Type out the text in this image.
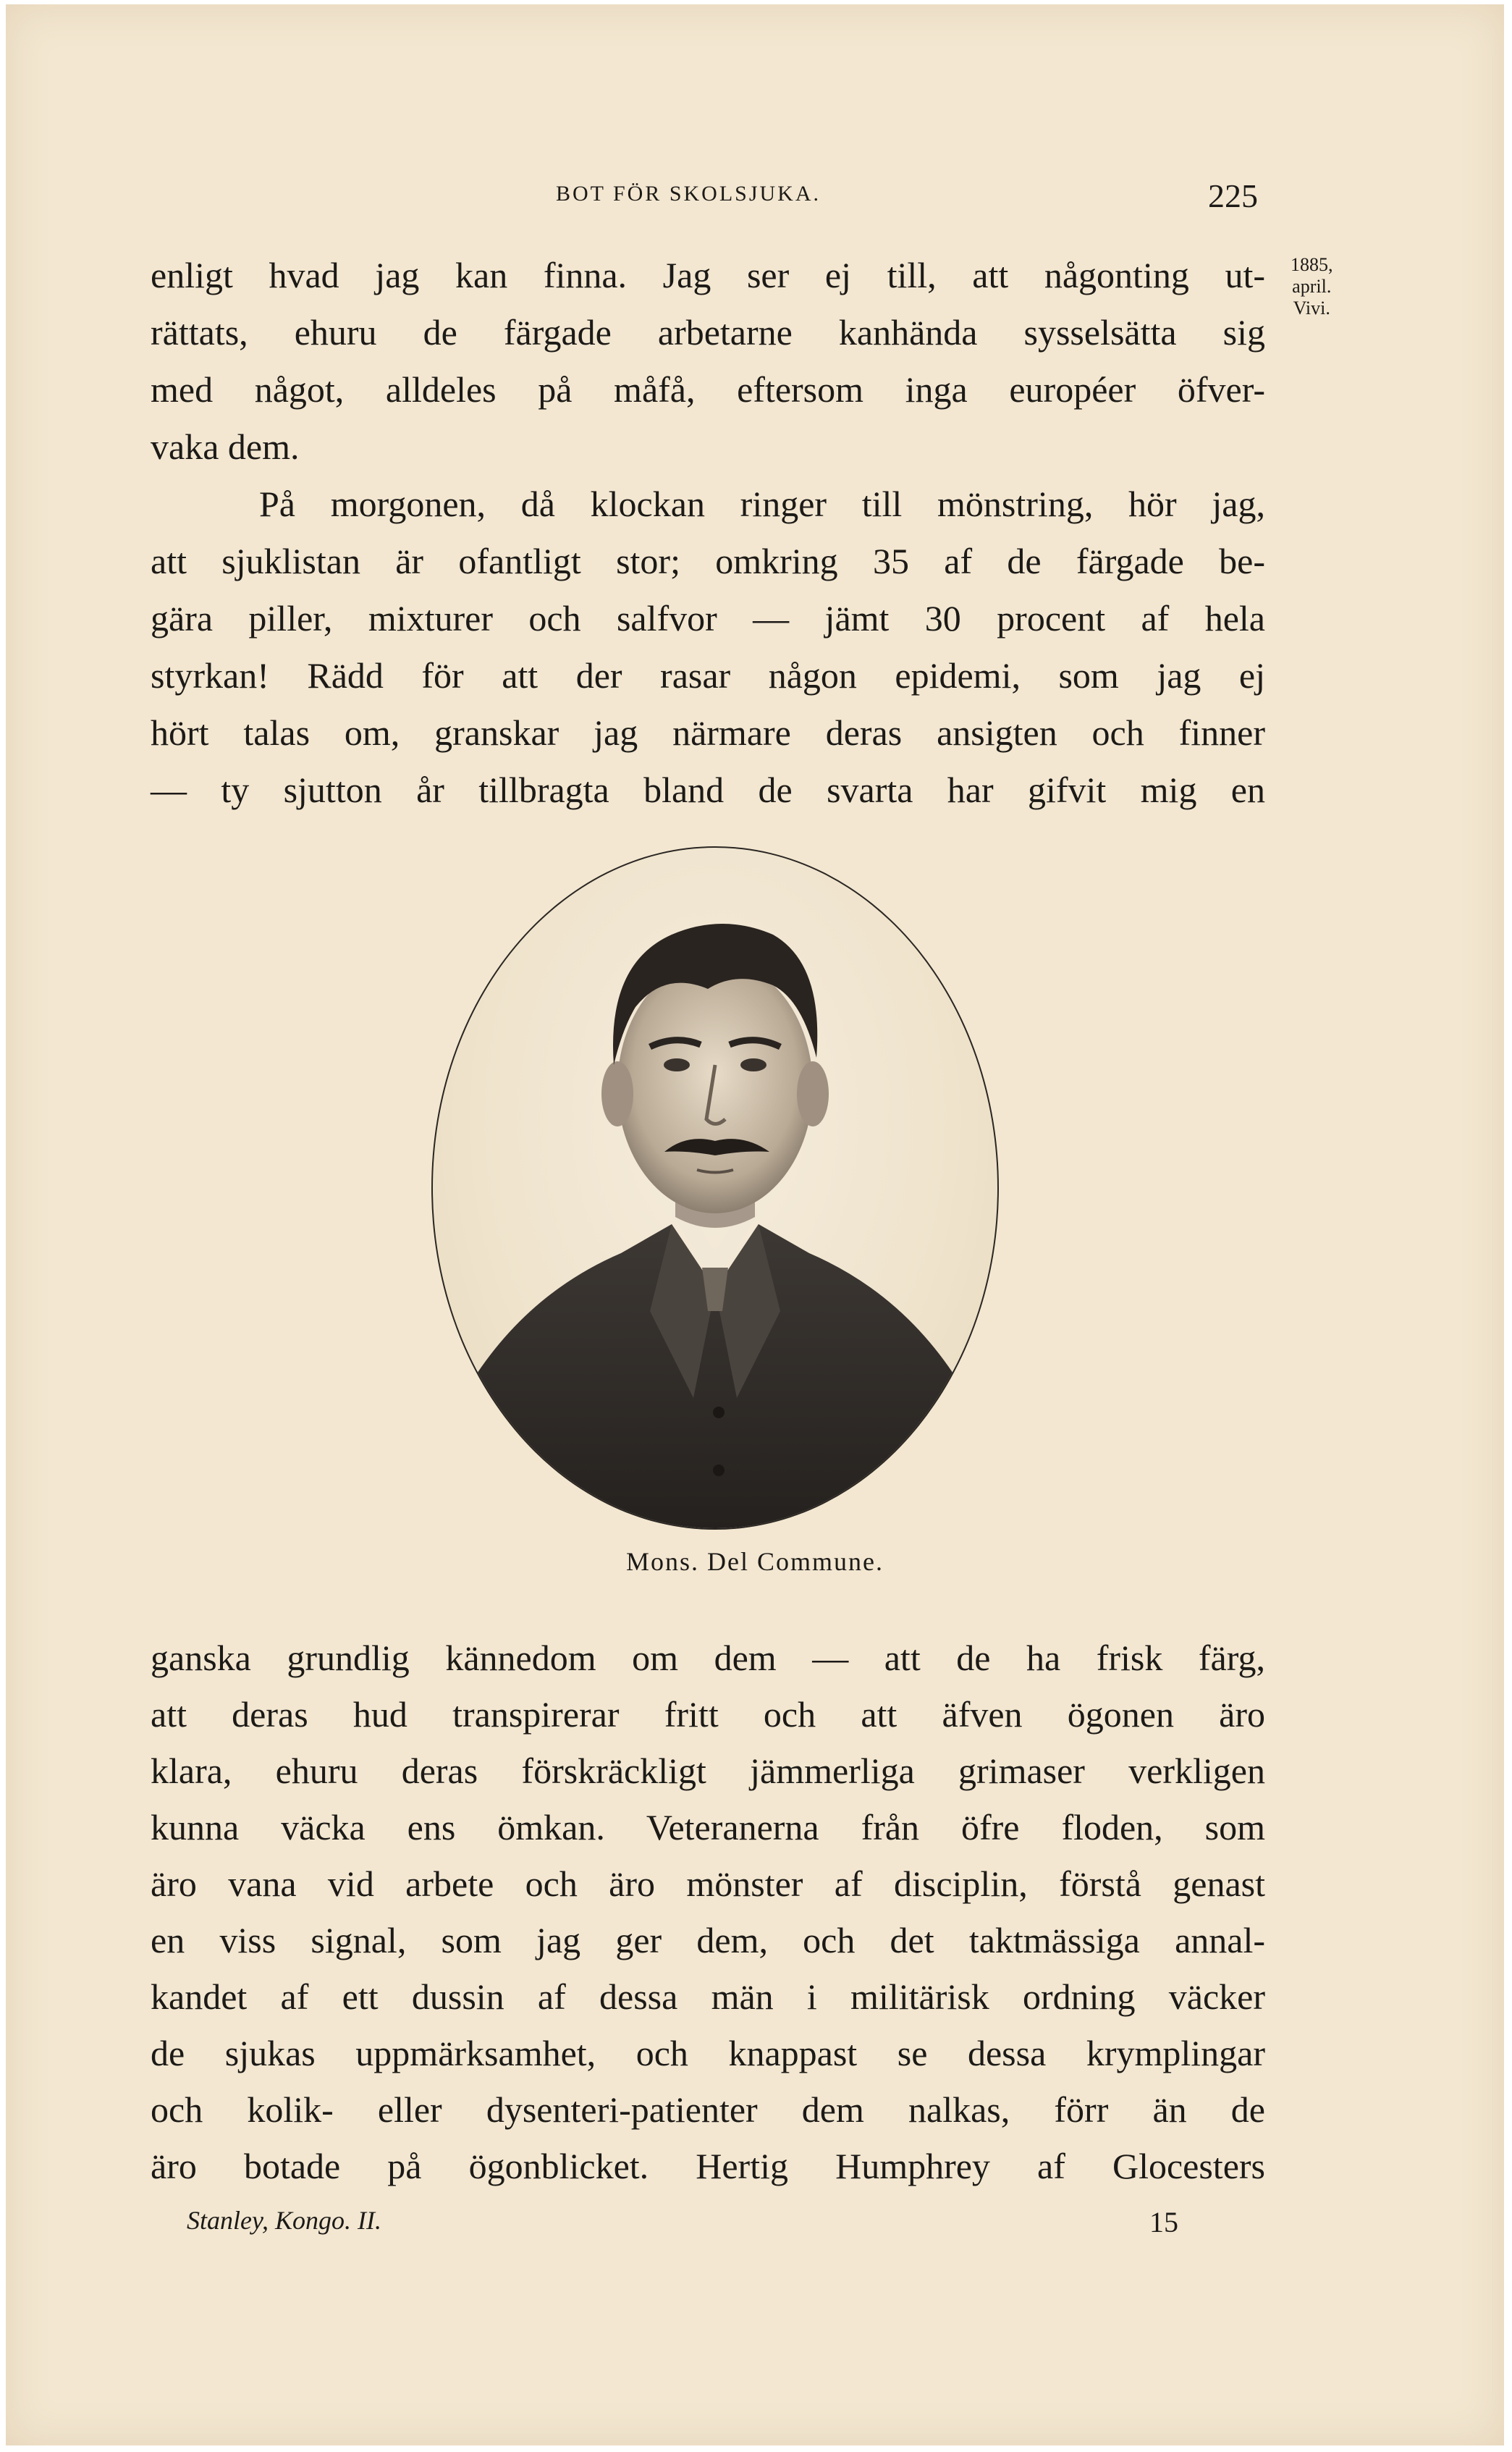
BOT FÖR SKOLSJUKA.	225
1885,
april.
Vivi.
enligt hvad jag kan finna. Jag ser ej till, att någonting ut-
rättats, ehuru de färgade arbetarne kanhända sysselsätta sig
med något, alldeles på måfå, eftersom inga européer öfver-
vaka dem.
På morgonen, då klockan ringer till mönstring, hör jag,
att sjuklistan är ofantligt stor; omkring 35 af de färgade be-
gära piller, mixturer och salfvor — jämt 30 procent af hela
styrkan! Rädd för att der rasar någon epidemi, som jag ej
hört talas om, granskar jag närmare deras ansigten och finner
— ty sjutton år tillbragta bland de svarta har gifvit mig en
Mons. Del Commune.
ganska grundlig kännedom om dem — att de ha frisk färg,
att deras hud transpirerar fritt och att äfven ögonen äro
klara, ehuru deras förskräckligt jämmerliga grimaser verkligen
kunna väcka ens ömkan. Veteranerna från öfre floden, som
äro vana vid arbete och äro mönster af disciplin, förstå genast
en viss signal, som jag ger dem, och det taktmässiga annal-
kandet af ett dussin af dessa män i militärisk ordning väcker
de sjukas uppmärksamhet, och knappast se dessa krymplingar
och kolik- eller dysenteri-patienter dem nalkas, förr än de
äro botade på ögonblicket. Hertig Humphrey af Glocesters
Stanley, Kongo. II.	15
